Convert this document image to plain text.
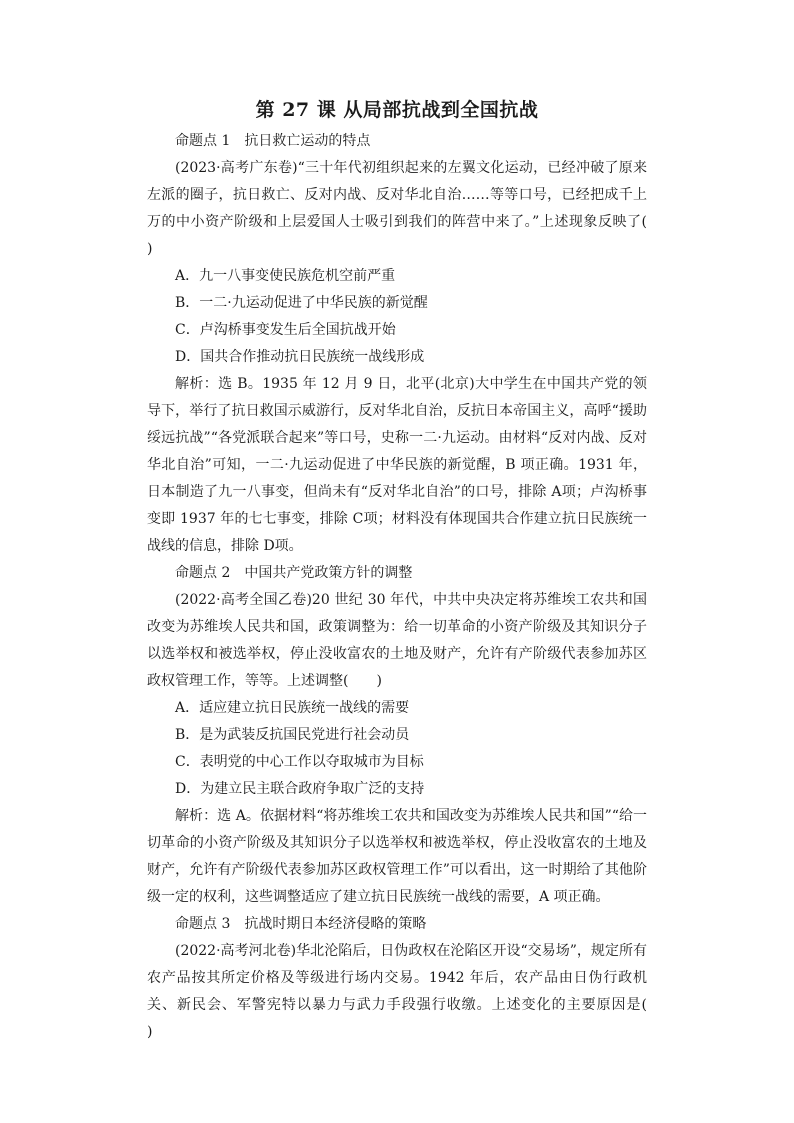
第 27 课 从局部抗战到全国抗战

命题点 1 抗日救亡运动的特点

(2023·高考广东卷)“三十年代初组织起来的左翼文化运动，已经冲破了原来左派的圈子，抗日救亡、反对内战、反对华北自治……等等口号，已经把成千上万的中小资产阶级和上层爱国人士吸引到我们的阵营中来了。”上述现象反映了(　　)

A．九一八事变使民族危机空前严重

B．一二·九运动促进了中华民族的新觉醒

C．卢沟桥事变发生后全国抗战开始

D．国共合作推动抗日民族统一战线形成

解析：选 B。1935 年 12 月 9 日，北平(北京)大中学生在中国共产党的领导下，举行了抗日救国示威游行，反对华北自治，反抗日本帝国主义，高呼“援助绥远抗战”“各党派联合起来”等口号，史称一二·九运动。由材料“反对内战、反对华北自治”可知，一二·九运动促进了中华民族的新觉醒，B 项正确。1931 年，日本制造了九一八事变，但尚未有“反对华北自治”的口号，排除 A项；卢沟桥事变即 1937 年的七七事变，排除 C项；材料没有体现国共合作建立抗日民族统一战线的信息，排除 D项。

命题点 2 中国共产党政策方针的调整

(2022·高考全国乙卷)20 世纪 30 年代，中共中央决定将苏维埃工农共和国改变为苏维埃人民共和国，政策调整为：给一切革命的小资产阶级及其知识分子以选举权和被选举权，停止没收富农的土地及财产，允许有产阶级代表参加苏区政权管理工作，等等。上述调整(　　)

A．适应建立抗日民族统一战线的需要

B．是为武装反抗国民党进行社会动员

C．表明党的中心工作以夺取城市为目标

D．为建立民主联合政府争取广泛的支持

解析：选 A。依据材料“将苏维埃工农共和国改变为苏维埃人民共和国”“给一切革命的小资产阶级及其知识分子以选举权和被选举权，停止没收富农的土地及财产，允许有产阶级代表参加苏区政权管理工作”可以看出，这一时期给了其他阶级一定的权利，这些调整适应了建立抗日民族统一战线的需要，A 项正确。

命题点 3 抗战时期日本经济侵略的策略

(2022·高考河北卷)华北沦陷后，日伪政权在沦陷区开设“交易场”，规定所有农产品按其所定价格及等级进行场内交易。1942 年后，农产品由日伪行政机关、新民会、军警宪特以暴力与武力手段强行收缴。上述变化的主要原因是(　　)
